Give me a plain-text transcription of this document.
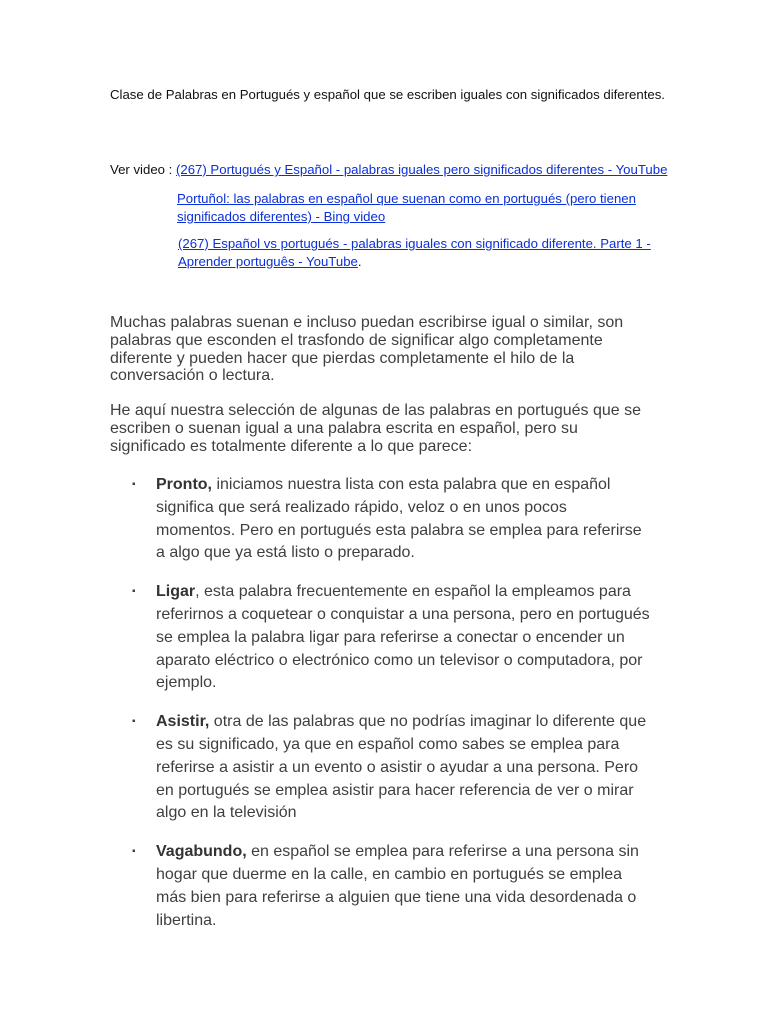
Clase de Palabras en Portugués y español que se escriben iguales con significados diferentes.
Ver video : (267) Portugués y Español - palabras iguales pero significados diferentes - YouTube
Portuñol: las palabras en español que suenan como en portugués (pero tienen significados diferentes) - Bing video
(267) Español vs portugués - palabras iguales con significado diferente. Parte 1 - Aprender português - YouTube.
Muchas palabras suenan e incluso puedan escribirse igual o similar, son palabras que esconden el trasfondo de significar algo completamente diferente y pueden hacer que pierdas completamente el hilo de la conversación o lectura.
He aquí nuestra selección de algunas de las palabras en portugués que se escriben o suenan igual a una palabra escrita en español, pero su significado es totalmente diferente a lo que parece:
▪ Pronto, iniciamos nuestra lista con esta palabra que en español significa que será realizado rápido, veloz o en unos pocos momentos. Pero en portugués esta palabra se emplea para referirse a algo que ya está listo o preparado.
▪ Ligar, esta palabra frecuentemente en español la empleamos para referirnos a coquetear o conquistar a una persona, pero en portugués se emplea la palabra ligar para referirse a conectar o encender un aparato eléctrico o electrónico como un televisor o computadora, por ejemplo.
▪ Asistir, otra de las palabras que no podrías imaginar lo diferente que es su significado, ya que en español como sabes se emplea para referirse a asistir a un evento o asistir o ayudar a una persona. Pero en portugués se emplea asistir para hacer referencia de ver o mirar algo en la televisión
▪ Vagabundo, en español se emplea para referirse a una persona sin hogar que duerme en la calle, en cambio en portugués se emplea más bien para referirse a alguien que tiene una vida desordenada o libertina.
